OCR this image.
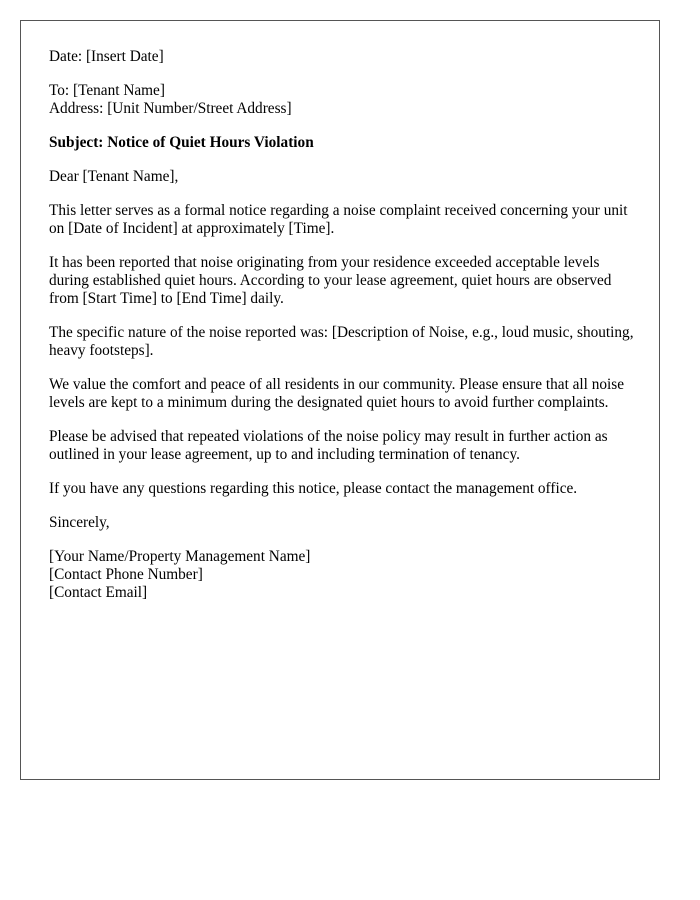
Date: [Insert Date]

To: [Tenant Name]
Address: [Unit Number/Street Address]

Subject: Notice of Quiet Hours Violation

Dear [Tenant Name],

This letter serves as a formal notice regarding a noise complaint received concerning your unit on [Date of Incident] at approximately [Time].

It has been reported that noise originating from your residence exceeded acceptable levels during established quiet hours. According to your lease agreement, quiet hours are observed from [Start Time] to [End Time] daily.

The specific nature of the noise reported was: [Description of Noise, e.g., loud music, shouting, heavy footsteps].

We value the comfort and peace of all residents in our community. Please ensure that all noise levels are kept to a minimum during the designated quiet hours to avoid further complaints.

Please be advised that repeated violations of the noise policy may result in further action as outlined in your lease agreement, up to and including termination of tenancy.

If you have any questions regarding this notice, please contact the management office.

Sincerely,

[Your Name/Property Management Name]
[Contact Phone Number]
[Contact Email]
